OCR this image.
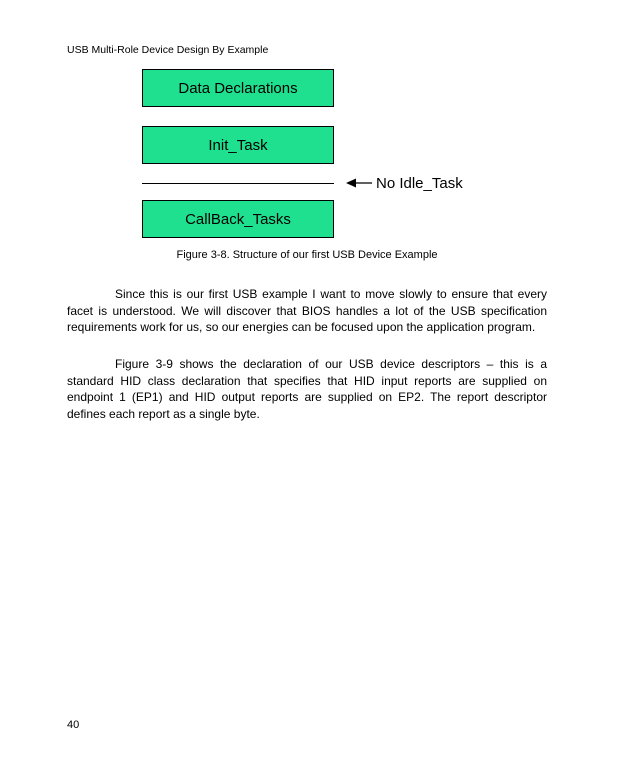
USB Multi-Role Device Design By Example
Data Declarations
Init_Task
No Idle_Task
CallBack_Tasks
Figure 3-8. Structure of our first USB Device Example

Since this is our first USB example I want to move slowly to ensure that every facet is understood. We will discover that BIOS handles a lot of the USB specification requirements work for us, so our energies can be focused upon the application program.

Figure 3-9 shows the declaration of our USB device descriptors – this is a standard HID class declaration that specifies that HID input reports are supplied on endpoint 1 (EP1) and HID output reports are supplied on EP2. The report descriptor defines each report as a single byte.

40
